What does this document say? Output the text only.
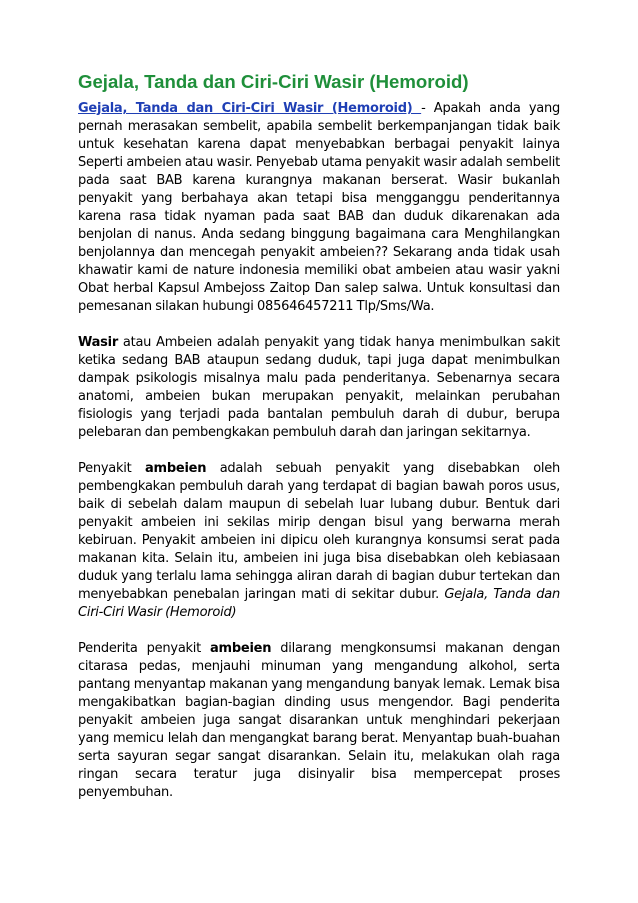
Gejala, Tanda dan Ciri-Ciri Wasir (Hemoroid)

Gejala, Tanda dan Ciri-Ciri Wasir (Hemoroid) - Apakah anda yang pernah merasakan sembelit, apabila sembelit berkempanjangan tidak baik untuk kesehatan karena dapat menyebabkan berbagai penyakit lainya Seperti ambeien atau wasir. Penyebab utama penyakit wasir adalah sembelit pada saat BAB karena kurangnya makanan berserat. Wasir bukanlah penyakit yang berbahaya akan tetapi bisa mengganggu penderitannya karena rasa tidak nyaman pada saat BAB dan duduk dikarenakan ada benjolan di nanus. Anda sedang binggung bagaimana cara Menghilangkan benjolannya dan mencegah penyakit ambeien?? Sekarang anda tidak usah khawatir kami de nature indonesia memiliki obat ambeien atau wasir yakni Obat herbal Kapsul Ambejoss Zaitop Dan salep salwa. Untuk konsultasi dan pemesanan silakan hubungi 085646457211 Tlp/Sms/Wa.

Wasir atau Ambeien adalah penyakit yang tidak hanya menimbulkan sakit ketika sedang BAB ataupun sedang duduk, tapi juga dapat menimbulkan dampak psikologis misalnya malu pada penderitanya. Sebenarnya secara anatomi, ambeien bukan merupakan penyakit, melainkan perubahan fisiologis yang terjadi pada bantalan pembuluh darah di dubur, berupa pelebaran dan pembengkakan pembuluh darah dan jaringan sekitarnya.

Penyakit ambeien adalah sebuah penyakit yang disebabkan oleh pembengkakan pembuluh darah yang terdapat di bagian bawah poros usus, baik di sebelah dalam maupun di sebelah luar lubang dubur. Bentuk dari penyakit ambeien ini sekilas mirip dengan bisul yang berwarna merah kebiruan. Penyakit ambeien ini dipicu oleh kurangnya konsumsi serat pada makanan kita. Selain itu, ambeien ini juga bisa disebabkan oleh kebiasaan duduk yang terlalu lama sehingga aliran darah di bagian dubur tertekan dan menyebabkan penebalan jaringan mati di sekitar dubur. Gejala, Tanda dan Ciri-Ciri Wasir (Hemoroid)

Penderita penyakit ambeien dilarang mengkonsumsi makanan dengan citarasa pedas, menjauhi minuman yang mengandung alkohol, serta pantang menyantap makanan yang mengandung banyak lemak. Lemak bisa mengakibatkan bagian-bagian dinding usus mengendor. Bagi penderita penyakit ambeien juga sangat disarankan untuk menghindari pekerjaan yang memicu lelah dan mengangkat barang berat. Menyantap buah-buahan serta sayuran segar sangat disarankan. Selain itu, melakukan olah raga ringan secara teratur juga disinyalir bisa mempercepat proses penyembuhan.
